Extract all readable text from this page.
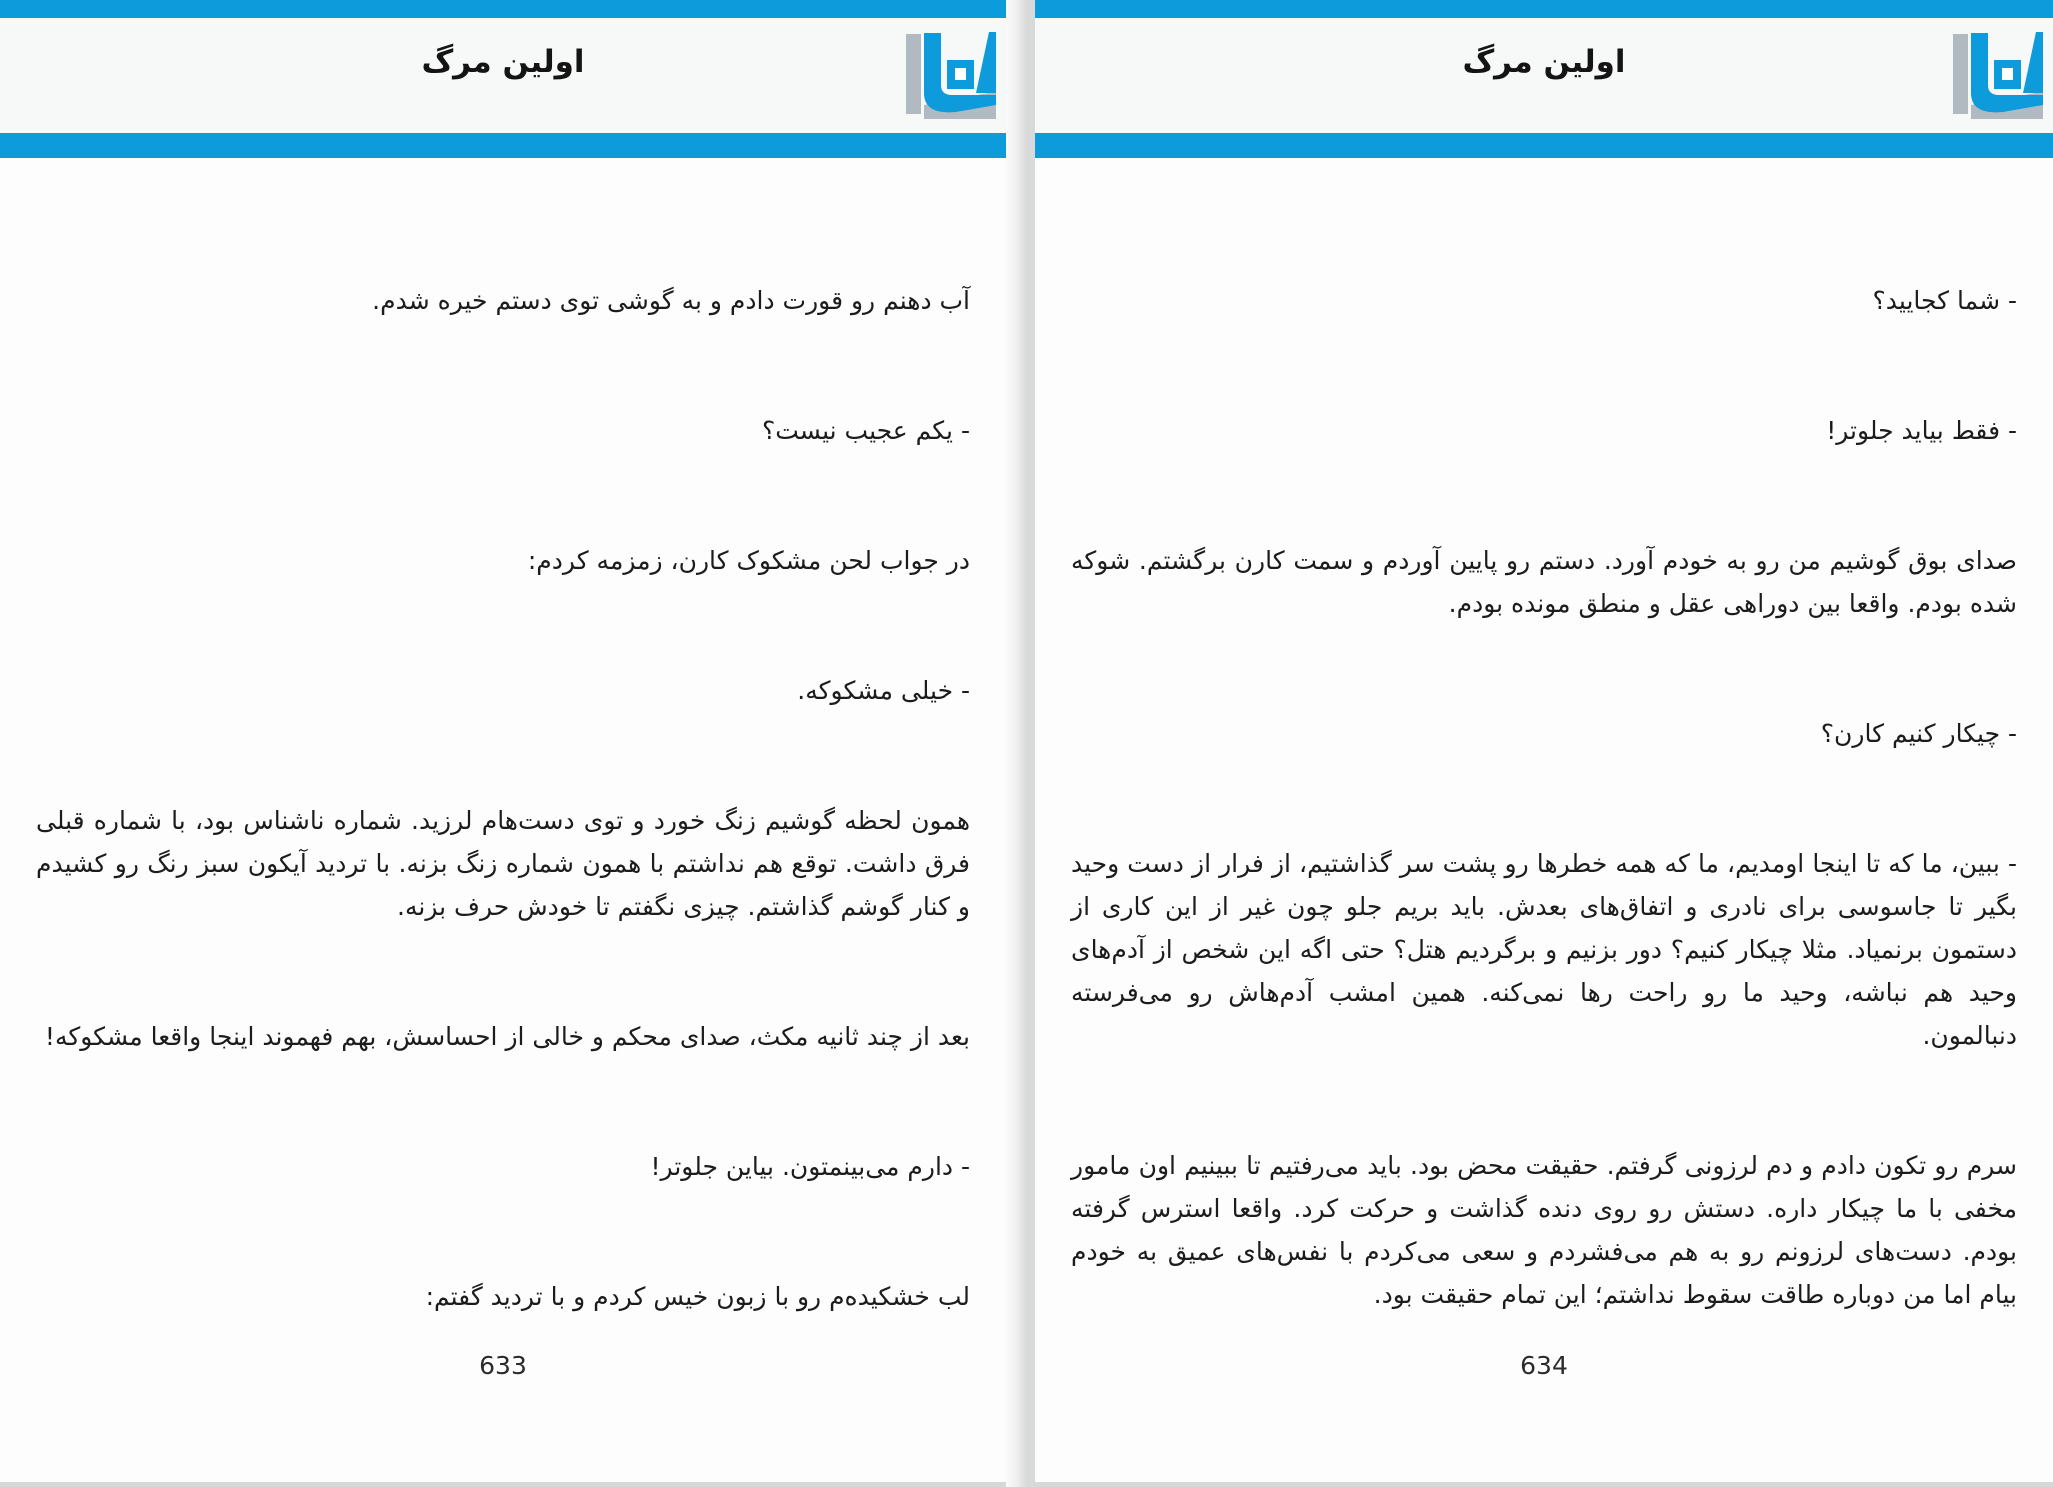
اولین مرگ

آب دهنم رو قورت دادم و به گوشی توی دستم خیره شدم.

- یکم عجیب نیست؟

در جواب لحن مشکوک کارن، زمزمه کردم:

- خیلی مشکوکه.

همون لحظه گوشیم زنگ خورد و توی دست‌هام لرزید. شماره ناشناس بود، با شماره قبلی فرق داشت. توقع هم نداشتم با همون شماره زنگ بزنه. با تردید آیکون سبز رنگ رو کشیدم و کنار گوشم گذاشتم. چیزی نگفتم تا خودش حرف بزنه.

بعد از چند ثانیه مکث، صدای محکم و خالی از احساسش، بهم فهموند اینجا واقعا مشکوکه!

- دارم می‌بینمتون. بیاین جلوتر!

لب خشکیده‌م رو با زبون خیس کردم و با تردید گفتم:

633
اولین مرگ

- شما کجایید؟

- فقط بیاید جلوتر!

صدای بوق گوشیم من رو به خودم آورد. دستم رو پایین آوردم و سمت کارن برگشتم. شوکه شده بودم. واقعا بین دوراهی عقل و منطق مونده بودم.

- چیکار کنیم کارن؟

- ببین، ما که تا اینجا اومدیم، ما که همه خطرها رو پشت سر گذاشتیم، از فرار از دست وحید بگیر تا جاسوسی برای نادری و اتفاق‌های بعدش. باید بریم جلو چون غیر از این کاری از دستمون برنمیاد. مثلا چیکار کنیم؟ دور بزنیم و برگردیم هتل؟ حتی اگه این شخص از آدم‌های وحید هم نباشه، وحید ما رو راحت رها نمی‌کنه. همین امشب آدم‌هاش رو می‌فرسته دنبالمون.

سرم رو تکون دادم و دم لرزونی گرفتم. حقیقت محض بود. باید می‌رفتیم تا ببینیم اون مامور مخفی با ما چیکار داره. دستش رو روی دنده گذاشت و حرکت کرد. واقعا استرس گرفته بودم. دست‌های لرزونم رو به هم می‌فشردم و سعی می‌کردم با نفس‌های عمیق به خودم بیام اما من دوباره طاقت سقوط نداشتم؛ این تمام حقیقت بود.

634
